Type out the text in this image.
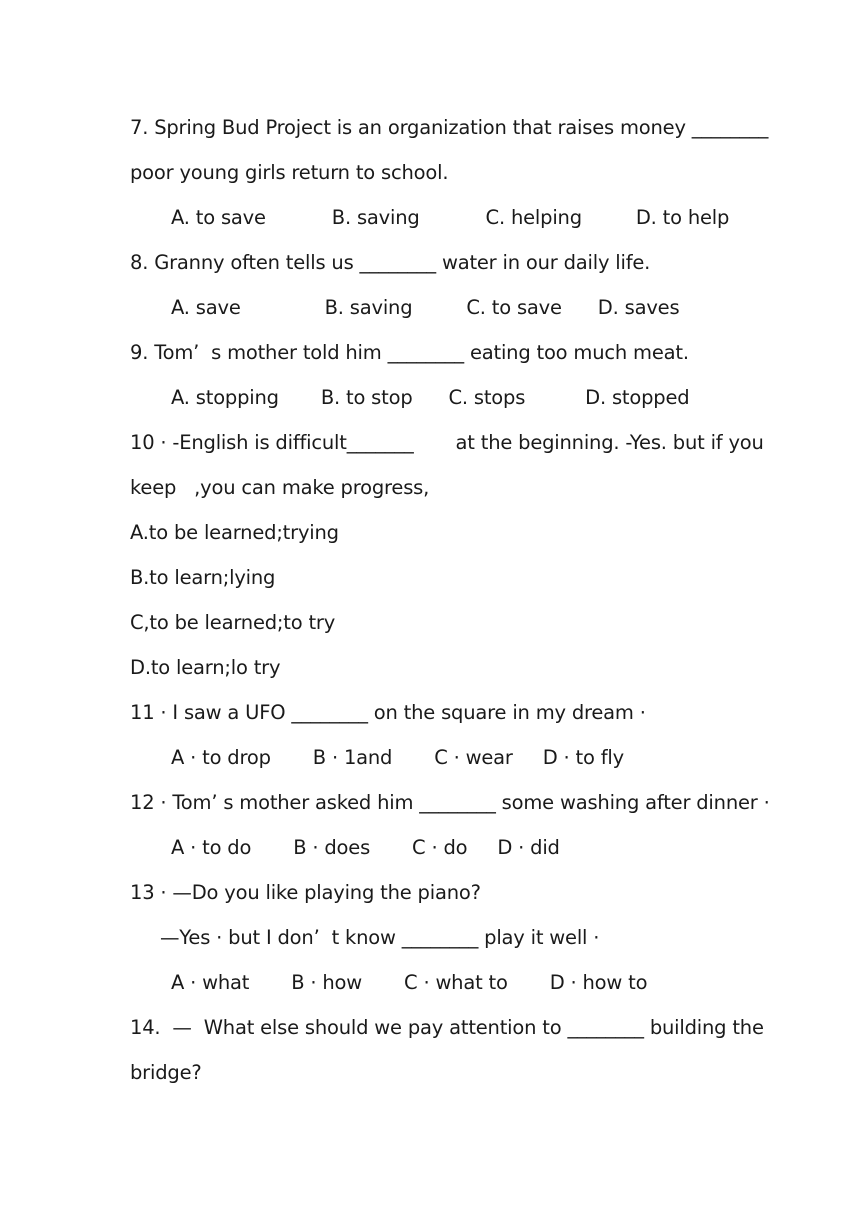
7. Spring Bud Project is an organization that raises money ________
poor young girls return to school.
A. to save           B. saving           C. helping         D. to help
8. Granny often tells us ________ water in our daily life.
A. save              B. saving         C. to save      D. saves
9. Tom’  s mother told him ________ eating too much meat.
A. stopping       B. to stop      C. stops          D. stopped
10 · -English is difficult_______       at the beginning. -Yes. but if you
keep   ,you can make progress,
A.to be learned;trying
B.to learn;lying
C,to be learned;to try
D.to learn;lo try
11 · I saw a UFO ________ on the square in my dream ·
A · to drop       B · 1and       C · wear     D · to fly
12 · Tom’ s mother asked him ________ some washing after dinner ·
A · to do       B · does       C · do     D · did
13 · —Do you like playing the piano?
—Yes · but I don’  t know ________ play it well ·
A · what       B · how       C · what to       D · how to
14.  —  What else should we pay attention to ________ building the
bridge?
